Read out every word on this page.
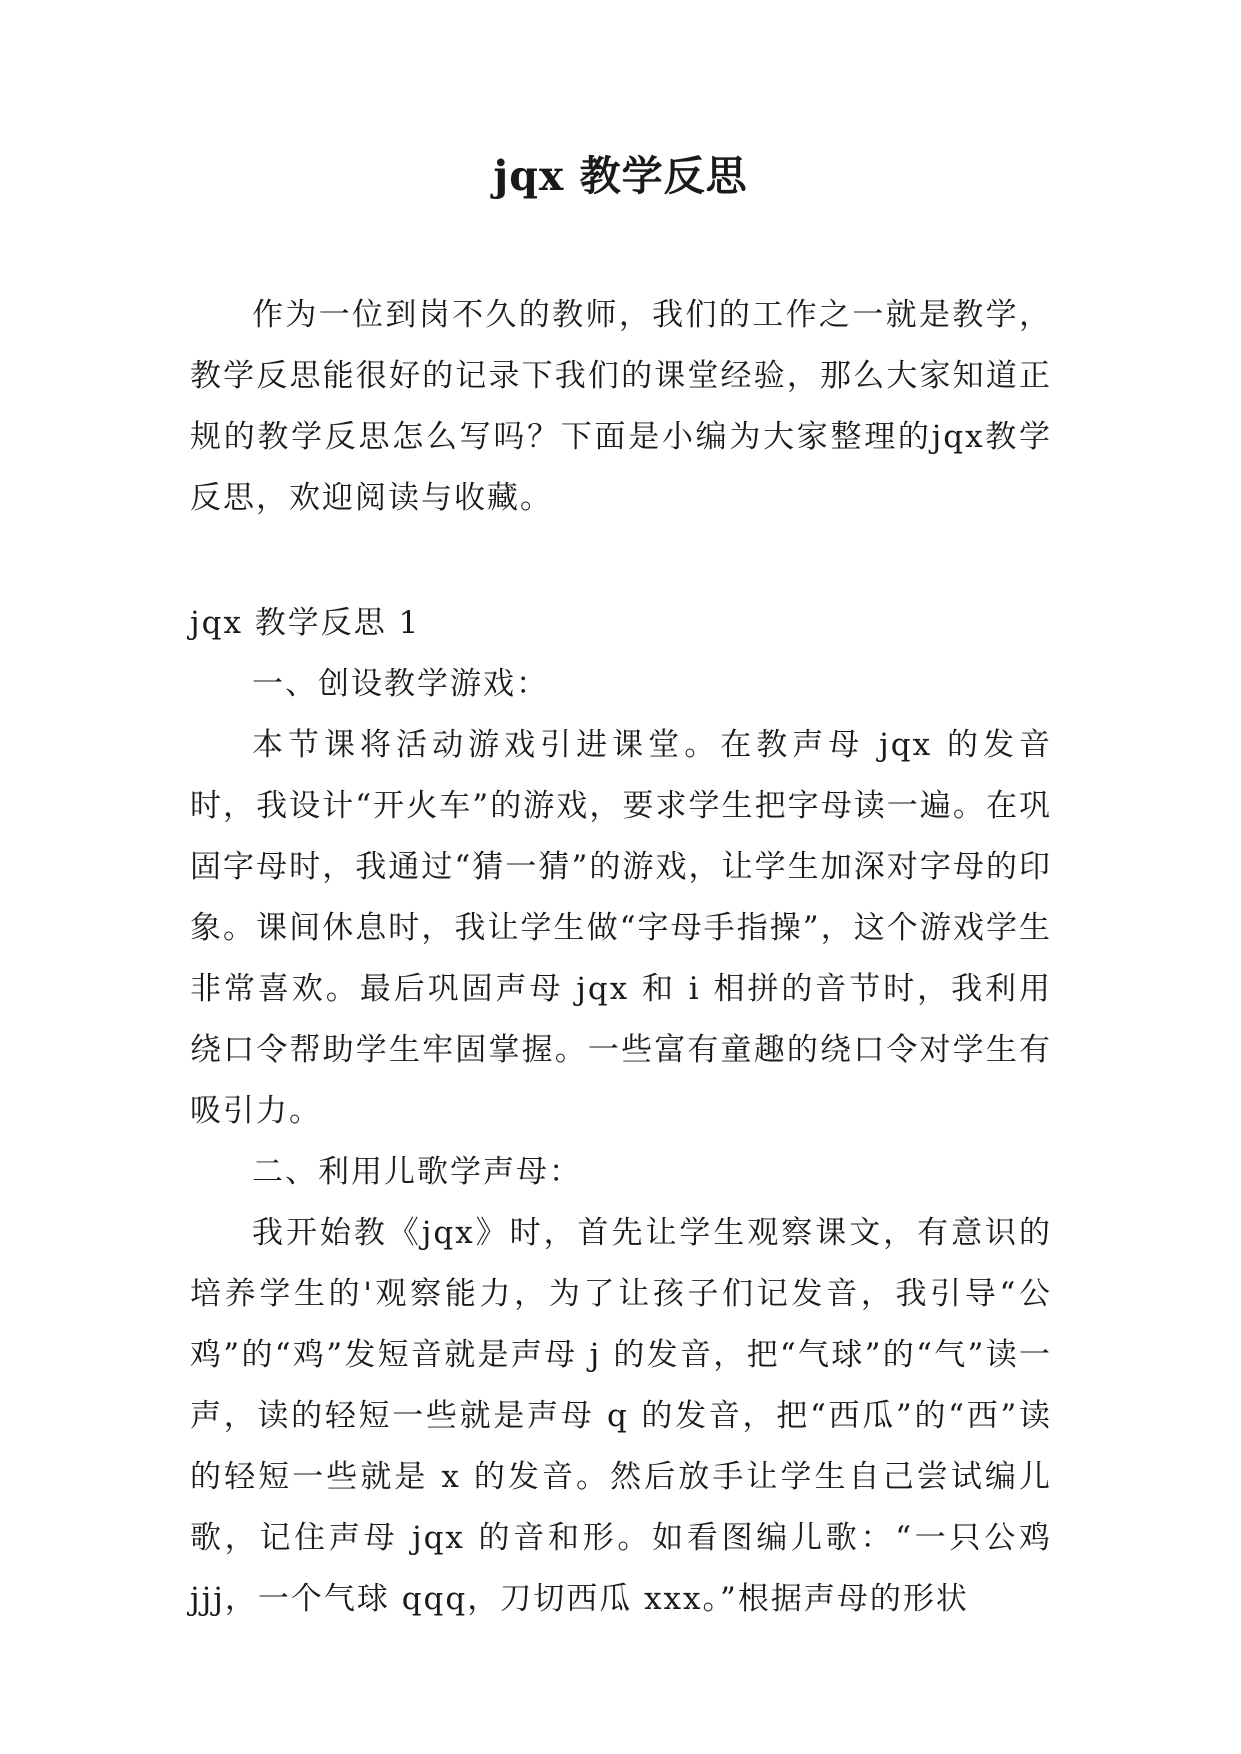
jqx 教学反思

作为一位到岗不久的教师，我们的工作之一就是教学，教学反思能很好的记录下我们的课堂经验，那么大家知道正规的教学反思怎么写吗？下面是小编为大家整理的jqx教学反思，欢迎阅读与收藏。

jqx 教学反思 1

一、创设教学游戏：

本节课将活动游戏引进课堂。在教声母 jqx 的发音时，我设计“开火车”的游戏，要求学生把字母读一遍。在巩固字母时，我通过“猜一猜”的游戏，让学生加深对字母的印象。课间休息时，我让学生做“字母手指操”，这个游戏学生非常喜欢。最后巩固声母 jqx 和 i 相拼的音节时，我利用绕口令帮助学生牢固掌握。一些富有童趣的绕口令对学生有吸引力。

二、利用儿歌学声母：

我开始教《jqx》时，首先让学生观察课文，有意识的培养学生的'观察能力，为了让孩子们记发音，我引导“公鸡”的“鸡”发短音就是声母 j 的发音，把“气球”的“气”读一声，读的轻短一些就是声母 q 的发音，把“西瓜”的“西”读的轻短一些就是 x 的发音。然后放手让学生自己尝试编儿歌，记住声母 jqx 的音和形。如看图编儿歌：“一只公鸡 jjj，一个气球 qqq，刀切西瓜 xxx。”根据声母的形状
